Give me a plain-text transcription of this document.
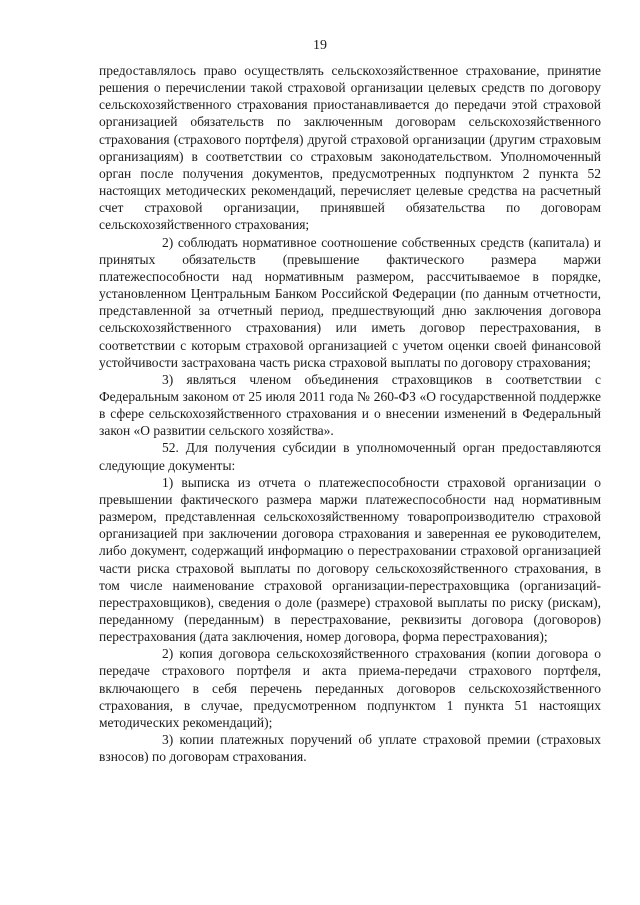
19

предоставлялось право осуществлять сельскохозяйственное страхование, принятие решения о перечислении такой страховой организации целевых средств по договору сельскохозяйственного страхования приостанавливается до передачи этой страховой организацией обязательств по заключенным договорам сельскохозяйственного страхования (страхового портфеля) другой страховой организации (другим страховым организациям) в соответствии со страховым законодательством. Уполномоченный орган после получения документов, предусмотренных подпунктом 2 пункта 52 настоящих методических рекомендаций, перечисляет целевые средства на расчетный счет страховой организации, принявшей обязательства по договорам сельскохозяйственного страхования;

2) соблюдать нормативное соотношение собственных средств (капитала) и принятых обязательств (превышение фактического размера маржи платежеспособности над нормативным размером, рассчитываемое в порядке, установленном Центральным Банком Российской Федерации (по данным отчетности, представленной за отчетный период, предшествующий дню заключения договора сельскохозяйственного страхования) или иметь договор перестрахования, в соответствии с которым страховой организацией с учетом оценки своей финансовой устойчивости застрахована часть риска страховой выплаты по договору страхования;

3) являться членом объединения страховщиков в соответствии с Федеральным законом от 25 июля 2011 года № 260-ФЗ «О государственной поддержке в сфере сельскохозяйственного страхования и о внесении изменений в Федеральный закон «О развитии сельского хозяйства».

52. Для получения субсидии в уполномоченный орган предоставляются следующие документы:

1) выписка из отчета о платежеспособности страховой организации о превышении фактического размера маржи платежеспособности над нормативным размером, представленная сельскохозяйственному товаропроизводителю страховой организацией при заключении договора страхования и заверенная ее руководителем, либо документ, содержащий информацию о перестраховании страховой организацией части риска страховой выплаты по договору сельскохозяйственного страхования, в том числе наименование страховой организации-перестраховщика (организаций-перестраховщиков), сведения о доле (размере) страховой выплаты по риску (рискам), переданному (переданным) в перестрахование, реквизиты договора (договоров) перестрахования (дата заключения, номер договора, форма перестрахования);

2) копия договора сельскохозяйственного страхования (копии договора о передаче страхового портфеля и акта приема-передачи страхового портфеля, включающего в себя перечень переданных договоров сельскохозяйственного страхования, в случае, предусмотренном подпунктом 1 пункта 51 настоящих методических рекомендаций);

3) копии платежных поручений об уплате страховой премии (страховых взносов) по договорам страхования.
